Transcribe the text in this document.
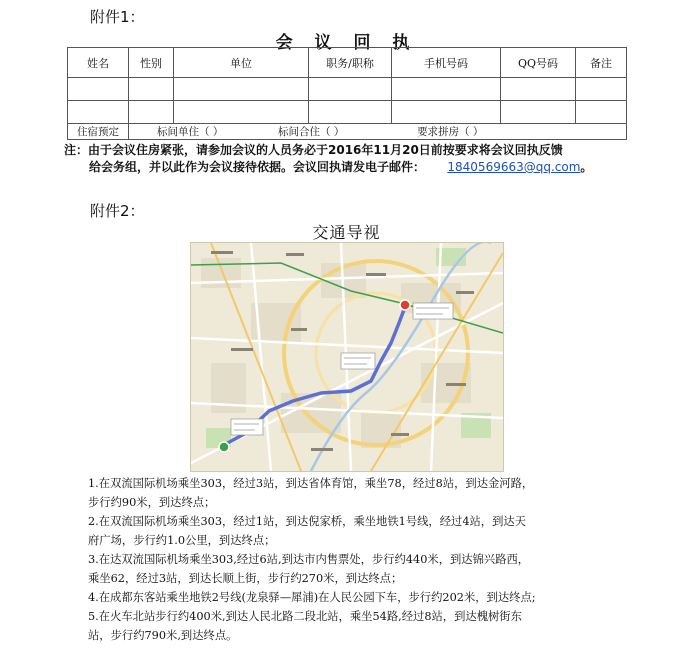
附件1：
会 议 回 执
姓名	性别	单位	职务/职称	手机号码	QQ号码	备注

住宿预定	标间单住（ ） 标间合住（ ） 要求拼房（ ）					
注：由于会议住房紧张，请参加会议的人员务必于2016年11月20日前按要求将会议回执反馈
给会务组，并以此作为会议接待依据。会议回执请发电子邮件： 1840569663@qq.com。
附件2：
交通导视

1.在双流国际机场乘坐303，经过3站，到达省体育馆，乘坐78，经过8站，到达金河路，

步行约90米，到达终点；

2.在双流国际机场乘坐303，经过1站，到达倪家桥，乘坐地铁1号线，经过4站，到达天

府广场，步行约1.0公里，到达终点；

3.在达双流国际机场乘坐303,经过6站,到达市内售票处，步行约440米，到达锦兴路西，

乘坐62，经过3站，到达长顺上街，步行约270米，到达终点；

4.在成都东客站乘坐地铁2号线(龙泉驿—犀浦)在人民公园下车，步行约202米，到达终点;

5.在火车北站步行约400米,到达人民北路二段北站，乘坐54路,经过8站，到达槐树街东

站，步行约790米,到达终点。
